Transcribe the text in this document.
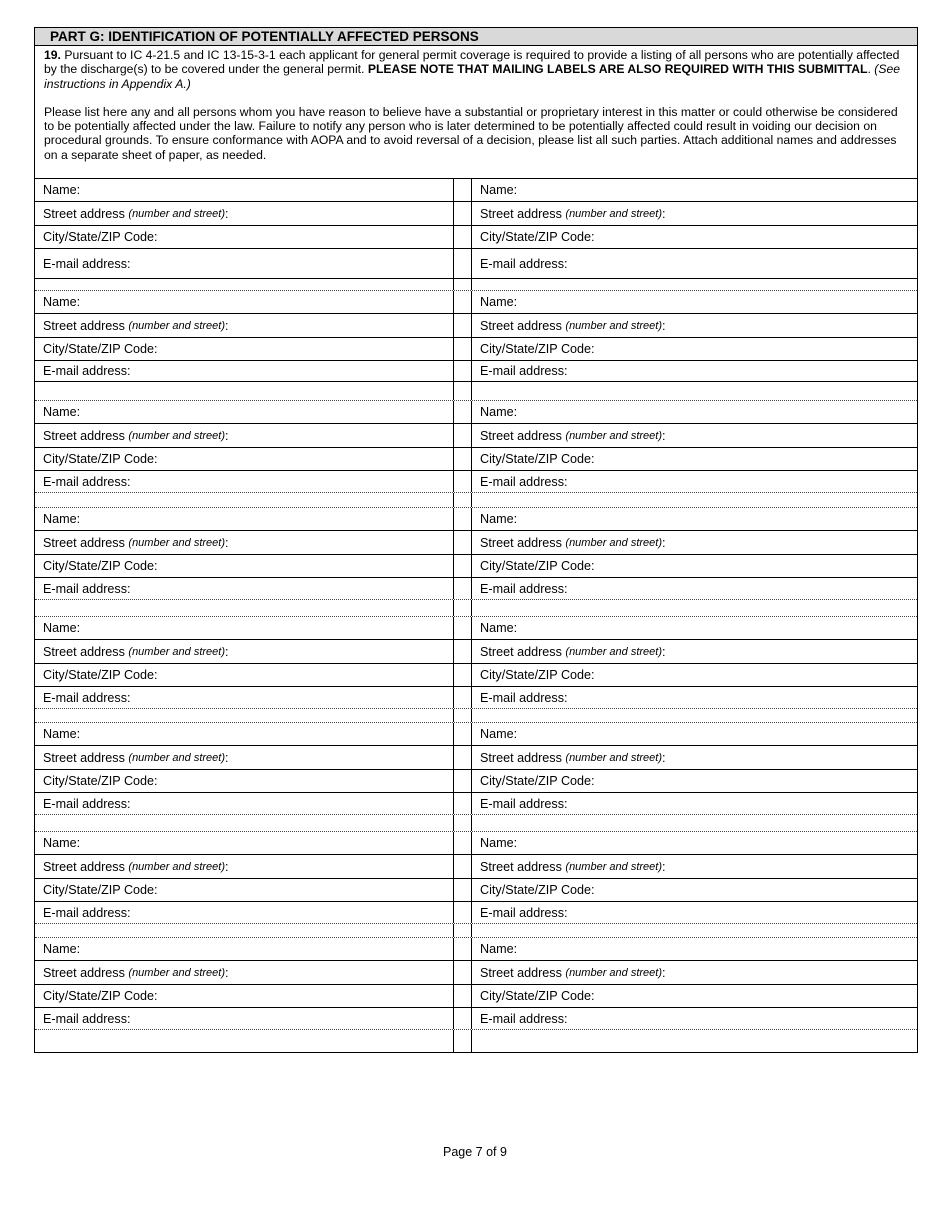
PART G: IDENTIFICATION OF POTENTIALLY AFFECTED PERSONS
19. Pursuant to IC 4-21.5 and IC 13-15-3-1 each applicant for general permit coverage is required to provide a listing of all persons who are potentially affected by the discharge(s) to be covered under the general permit. PLEASE NOTE THAT MAILING LABELS ARE ALSO REQUIRED WITH THIS SUBMITTAL. (See instructions in Appendix A.)
Please list here any and all persons whom you have reason to believe have a substantial or proprietary interest in this matter or could otherwise be considered to be potentially affected under the law. Failure to notify any person who is later determined to be potentially affected could result in voiding our decision on procedural grounds. To ensure conformance with AOPA and to avoid reversal of a decision, please list all such parties. Attach additional names and addresses on a separate sheet of paper, as needed.
Name:	Name:
Street address (number and street) :	Street address (number and street) :
City/State/ZIP Code:	City/State/ZIP Code:
E-mail address:	E-mail address:
Name:	Name:
Street address (number and street) :	Street address (number and street) :
City/State/ZIP Code:	City/State/ZIP Code:
E-mail address:	E-mail address:
Name:	Name:
Street address (number and street) :	Street address (number and street) :
City/State/ZIP Code:	City/State/ZIP Code:
E-mail address:	E-mail address:
Name:	Name:
Street address (number and street) :	Street address (number and street) :
City/State/ZIP Code:	City/State/ZIP Code:
E-mail address:	E-mail address:
Name:	Name:
Street address (number and street) :	Street address (number and street) :
City/State/ZIP Code:	City/State/ZIP Code:
E-mail address:	E-mail address:
Name:	Name:
Street address (number and street) :	Street address (number and street) :
City/State/ZIP Code:	City/State/ZIP Code:
E-mail address:	E-mail address:
Name:	Name:
Street address (number and street) :	Street address (number and street) :
City/State/ZIP Code:	City/State/ZIP Code:
E-mail address:	E-mail address:
Name:	Name:
Street address (number and street) :	Street address (number and street) :
City/State/ZIP Code:	City/State/ZIP Code:
E-mail address:	E-mail address:
Page 7 of 9
